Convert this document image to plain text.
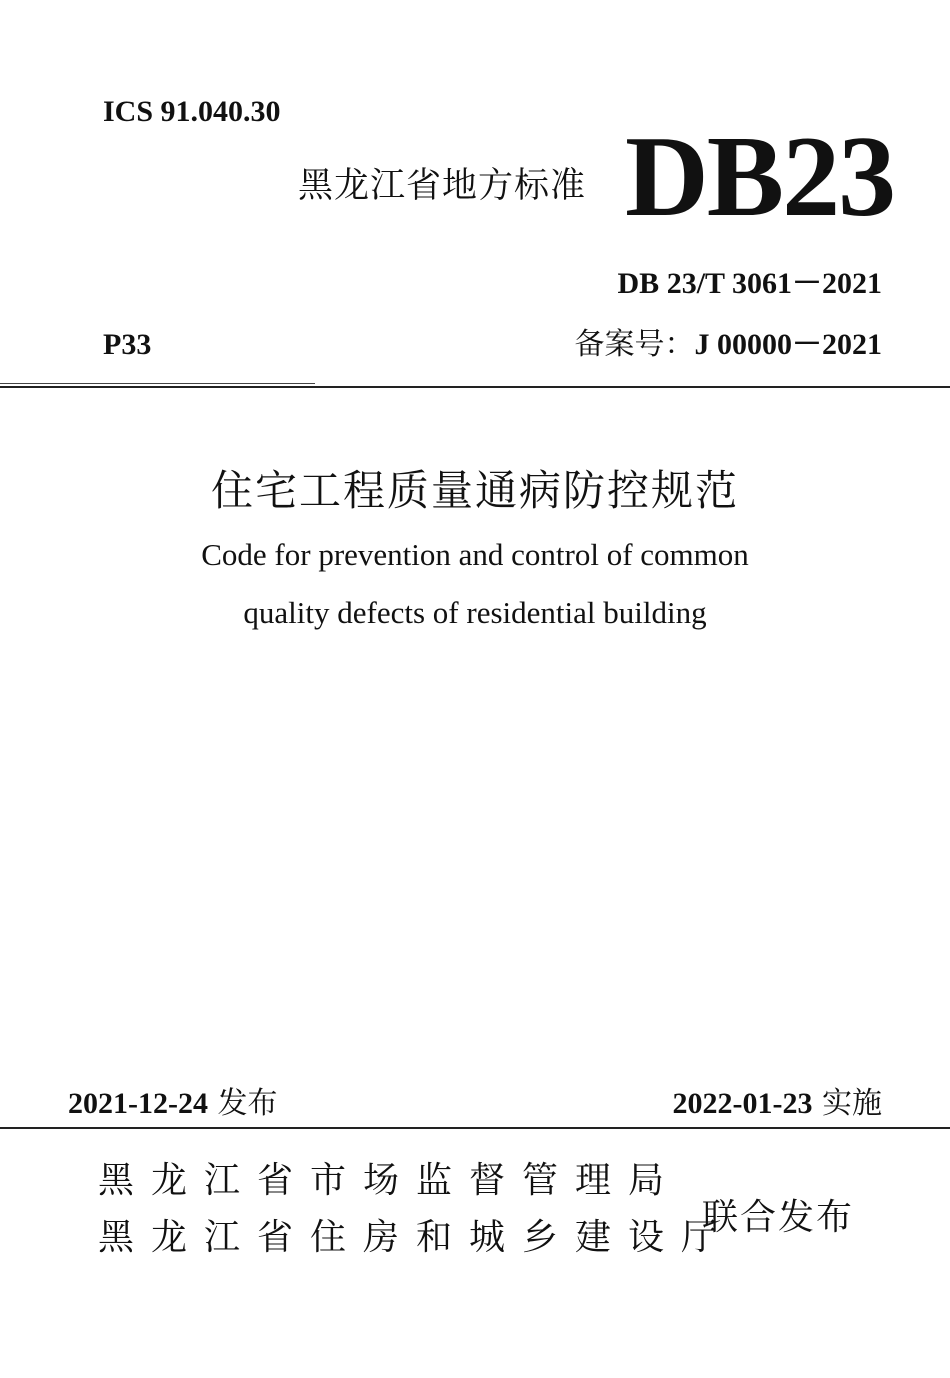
ICS 91.040.30
黑龙江省地方标准 DB23
DB 23/T 3061－2021
P33	备案号：J 00000－2021
住宅工程质量通病防控规范
Code for prevention and control of common
quality defects of residential building
2021-12-24 发布	2022-01-23 实施
黑龙江省市场监督管理局
黑龙江省住房和城乡建设厅
联合发布
